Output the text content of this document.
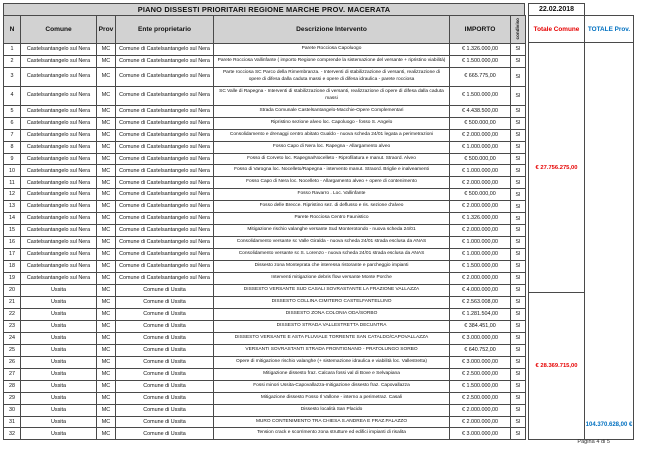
PIANO DISSESTI PRIORITARI REGIONE MARCHE PROV. MACERATA
N	Comune	Prov	Ente proprietario	Descrizione Intervento	IMPORTO	condiviso
1	Castelsantangelo sul Nera	MC	Comune di Castelsantangelo sul Nera	Parete Rocciosa Capoluogo	€ 1.326.000,00	SI
2	Castelsantangelo sul Nera	MC	Comune di Castelsantangelo sul Nera	Parete Rocciosa Vallinfante ( importo Regione comprende la sistemazione del versante + ripristino viabilità)	€ 1.500.000,00	SI
3	Castelsantangelo sul Nera	MC	Comune di Castelsantangelo sul Nera	Parte rocciosa SC Parco della Rimembranza. - Interventi di stabilizzazione di versanti, realizzazione di opere di difesa dalla caduta massi e opere di difesa idraulica - parete rocciosa	€ 665.775,00	SI
4	Castelsantangelo sul Nera	MC	Comune di Castelsantangelo sul Nera	SC Valle di Rapegna - Interventi di stabilizzazione di versanti, realizzazione di opere di difesa dalla caduta massi	€ 1.500.000,00	SI
5	Castelsantangelo sul Nera	MC	Comune di Castelsantangelo sul Nera	Strada Comunale Castelsantangelo-Macchie-Opere Complementari	€ 4.438.500,00	SI
6	Castelsantangelo sul Nera	MC	Comune di Castelsantangelo sul Nera	Ripristino sezione alveo loc. Capoluogo - fosso S. Angelo	€ 500.000,00	SI
7	Castelsantangelo sul Nera	MC	Comune di Castelsantangelo sul Nera	Consolidamento e drenaggi centro abitato Gualdo - nuova scheda 24/01 legata a perimetrazioni	€ 2.000.000,00	SI
8	Castelsantangelo sul Nera	MC	Comune di Castelsantangelo sul Nera	Fosso Capo di Nera loc. Rapegna - Allargamento alveo	€ 1.000.000,00	SI
9	Castelsantangelo sul Nera	MC	Comune di Castelsantangelo sul Nera	Fosso di Corveto loc. Rapegna/Nocelleto - Riprofilatura e manut. Straord. Alveo	€ 500.000,00	SI
10	Castelsantangelo sul Nera	MC	Comune di Castelsantangelo sul Nera	Fosso di Varogna loc. Nocelleto/Rapegna - intervento manut. Straord. Briglie e inalveamenti	€ 1.000.000,00	SI
11	Castelsantangelo sul Nera	MC	Comune di Castelsantangelo sul Nera	Fosso Capo di Nera loc. Nocelleto - Allargamento alveo + opere di contenimento	€ 2.000.000,00	SI
12	Castelsantangelo sul Nera	MC	Comune di Castelsantangelo sul Nera	Fosso Ravarro . Loc. Vallinfante	€ 500.000,00	SI
13	Castelsantangelo sul Nera	MC	Comune di Castelsantangelo sul Nera	Fosso delle Brecce. Ripristino sez. di deflusso e ris. sezione d'alveo	€ 2.000.000,00	SI
14	Castelsantangelo sul Nera	MC	Comune di Castelsantangelo sul Nera	Parete Rocciosa Centro Faunistico	€ 1.326.000,00	SI
15	Castelsantangelo sul Nera	MC	Comune di Castelsantangelo sul Nera	Mitigazione rischio valanghe versante Sud Monterotondo - nuova scheda 24/01	€ 2.000.000,00	SI
16	Castelsantangelo sul Nera	MC	Comune di Castelsantangelo sul Nera	Consolidamento versante sc Valle Giralda - nuova scheda 24/01 strada esclusa da ANAS	€ 1.000.000,00	SI
17	Castelsantangelo sul Nera	MC	Comune di Castelsantangelo sul Nera	Consolidamento versante sc S. Lorenzo - nuova scheda 24/01 strada esclusa da ANAS	€ 1.000.000,00	SI
18	Castelsantangelo sul Nera	MC	Comune di Castelsantangelo sul Nera	Dissesto zona Monteprata che interessa ristorante e parcheggio impianti	€ 1.500.000,00	SI
19	Castelsantangelo sul Nera	MC	Comune di Castelsantangelo sul Nera	Interventi mitigazione debris flow versante Monte Porche	€ 2.000.000,00	SI
20	Ussita	MC	Comune di Ussita	DISSESTO VERSANTE SUD CASALI SOVRASTANTE LA FRAZIONE VALLAZZA	€ 4.000.000,00	SI
21	Ussita	MC	Comune di Ussita	DISSESTO COLLINA CIMITERO CASTELFANTELLINO	€ 2.563.008,00	SI
22	Ussita	MC	Comune di Ussita	DISSESTO ZONA COLONIA ODA/SORBO	€ 1.281.504,00	SI
23	Ussita	MC	Comune di Ussita	DISSESTO STRADA VALLESTRETTA DECUNTRA	€ 384.451,00	SI
24	Ussita	MC	Comune di Ussita	DISSESTO VERSANTE E ASTA FLUVIALE TORRENTE SAN CATALDO/CAPOVALLAZZA	€ 3.000.000,00	SI
25	Ussita	MC	Comune di Ussita	VERSANTI SOVRASTANTI STRADA FRONTIGNANO - PRATOLUNGO SORBO	€ 640.752,00	SI
26	Ussita	MC	Comune di Ussita	Opere di mitigazione rischio valanghe (+ sistemazione idraulica e viabilità loc. Vallestretta)	€ 3.000.000,00	SI
27	Ussita	MC	Comune di Ussita	Mitigazione dissesto fraz. Calcara fossi val di Bove e Selvapiana	€ 2.500.000,00	SI
28	Ussita	MC	Comune di Ussita	Fossi minori Ussita-Capovallazza-mitigazione dissesto fraz. Capovallazza	€ 1.500.000,00	SI
29	Ussita	MC	Comune di Ussita	Mitigazione dissesto Fosso Il Vallone - interno a perimetraz. Casali	€ 2.500.000,00	SI
30	Ussita	MC	Comune di Ussita	Dissesto località San Placido	€ 2.000.000,00	SI
31	Ussita	MC	Comune di Ussita	MURO CONTENIMENTO TRA CHIESA S.ANDREA E FRAZ.PALAZZO	€ 2.000.000,00	SI
32	Ussita	MC	Comune di Ussita	Tension crack e scorrimento zona strutture ed edifici impianti di risalita	€ 3.000.000,00	SI
22.02.2018
Totale Comune
€ 27.756.275,00
€ 28.369.715,00
TOTALE Prov.
104.370.628,00 €
Pagina 4 di 5
